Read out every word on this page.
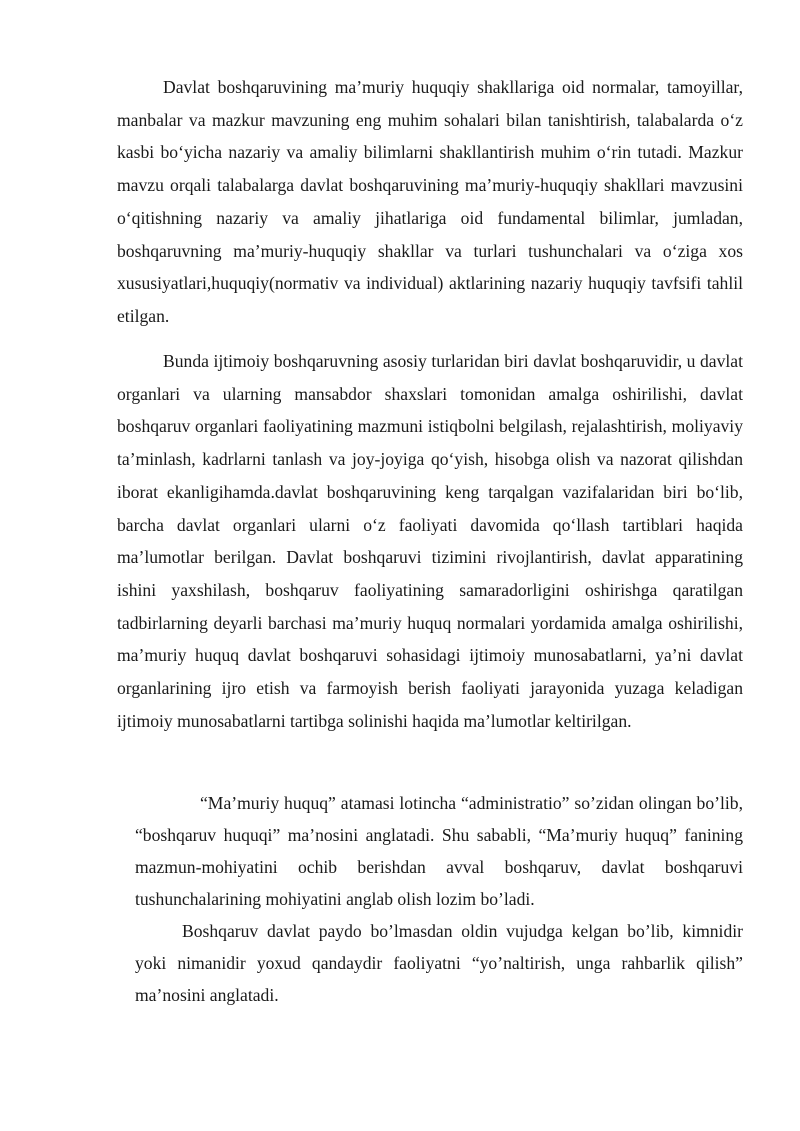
Davlat boshqaruvining ma’muriy huquqiy shakllariga oid normalar, tamoyillar, manbalar va mazkur mavzuning eng muhim sohalari bilan tanishtirish, talabalarda o‘z kasbi bo‘yicha nazariy va amaliy bilimlarni shakllantirish muhim o‘rin tutadi. Mazkur mavzu orqali talabalarga davlat boshqaruvining ma’muriy-huquqiy shakllari mavzusini o‘qitishning nazariy va amaliy jihatlariga oid fundamental bilimlar, jumladan, boshqaruvning ma’muriy-huquqiy shakllar va turlari tushunchalari va o‘ziga xos xususiyatlari,huquqiy(normativ va individual) aktlarining nazariy huquqiy tavfsifi tahlil etilgan.

Bunda ijtimoiy boshqaruvning asosiy turlaridan biri davlat boshqaruvidir, u davlat organlari va ularning mansabdor shaxslari tomonidan amalga oshirilishi, davlat boshqaruv organlari faoliyatining mazmuni istiqbolni belgilash, rejalashtirish, moliyaviy ta’minlash, kadrlarni tanlash va joy-joyiga qo‘yish, hisobga olish va nazorat qilishdan iborat ekanligihamda.davlat boshqaruvining keng tarqalgan vazifalaridan biri bo‘lib, barcha davlat organlari ularni o‘z faoliyati davomida qo‘llash tartiblari haqida ma’lumotlar berilgan. Davlat boshqaruvi tizimini rivojlantirish, davlat apparatining ishini yaxshilash, boshqaruv faoliyatining samaradorligini oshirishga qaratilgan tadbirlarning deyarli barchasi ma’muriy huquq normalari yordamida amalga oshirilishi, ma’muriy huquq davlat boshqaruvi sohasidagi ijtimoiy munosabatlarni, ya’ni davlat organlarining ijro etish va farmoyish berish faoliyati jarayonida yuzaga keladigan ijtimoiy munosabatlarni tartibga solinishi haqida ma’lumotlar keltirilgan.

“Ma’muriy huquq” atamasi lotincha “administratio” so’zidan olingan bo’lib, “boshqaruv huquqi” ma’nosini anglatadi. Shu sababli, “Ma’muriy huquq” fanining mazmun-mohiyatini ochib berishdan avval boshqaruv, davlat boshqaruvi tushunchalarining mohiyatini anglab olish lozim bo’ladi.

Boshqaruv davlat paydo bo’lmasdan oldin vujudga kelgan bo’lib, kimnidir yoki nimanidir yoxud qandaydir faoliyatni “yo’naltirish, unga rahbarlik qilish” ma’nosini anglatadi.
